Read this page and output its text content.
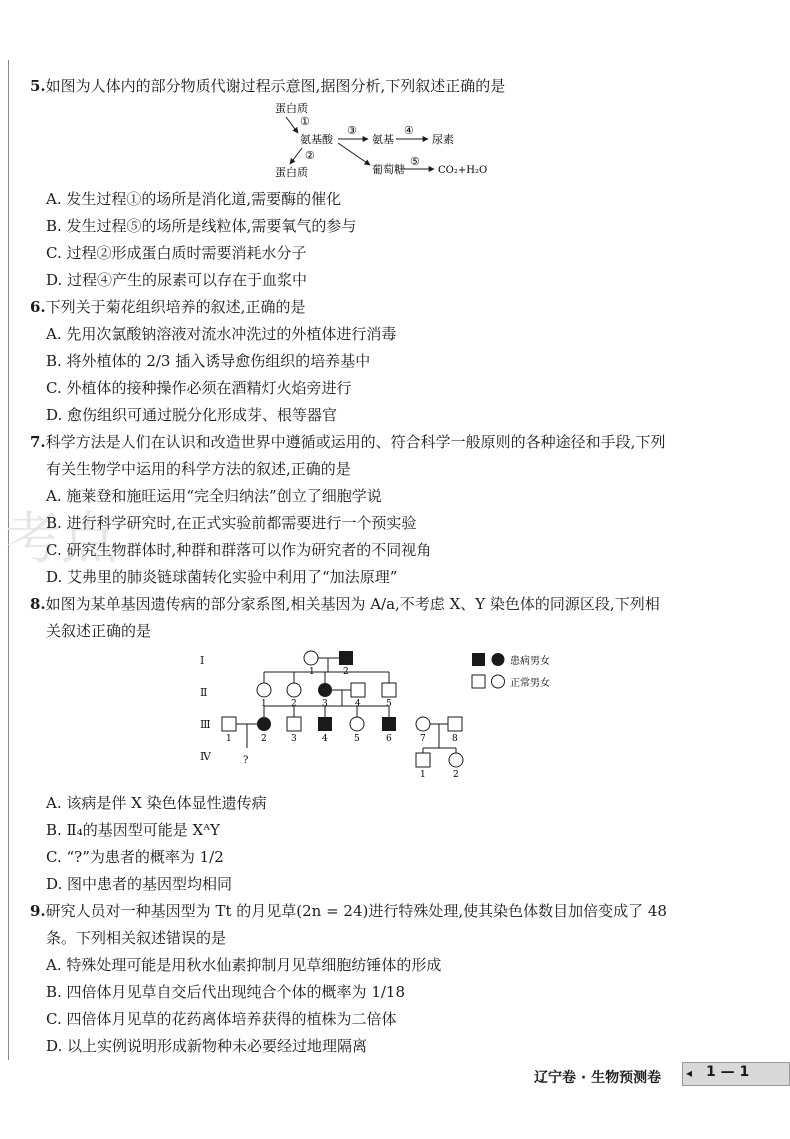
考点
5.如图为人体内的部分物质代谢过程示意图,据图分析,下列叙述正确的是
蛋白质
氨基酸
蛋白质
氨基	尿素
葡萄糖	CO₂+H₂O
①
②
③	④
⑤
A. 发生过程①的场所是消化道,需要酶的催化
B. 发生过程⑤的场所是线粒体,需要氧气的参与
C. 过程②形成蛋白质时需要消耗水分子
D. 过程④产生的尿素可以存在于血浆中
6.下列关于菊花组织培养的叙述,正确的是
A. 先用次氯酸钠溶液对流水冲洗过的外植体进行消毒
B. 将外植体的 2/3 插入诱导愈伤组织的培养基中
C. 外植体的接种操作必须在酒精灯火焰旁进行
D. 愈伤组织可通过脱分化形成芽、根等器官
7.科学方法是人们在认识和改造世界中遵循或运用的、符合科学一般原则的各种途径和手段,下列
有关生物学中运用的科学方法的叙述,正确的是
A. 施莱登和施旺运用“完全归纳法”创立了细胞学说
B. 进行科学研究时,在正式实验前都需要进行一个预实验
C. 研究生物群体时,种群和群落可以作为研究者的不同视角
D. 艾弗里的肺炎链球菌转化实验中利用了“加法原理”
8.如图为某单基因遗传病的部分家系图,相关基因为 A/a,不考虑 X、Y 染色体的同源区段,下列相
关叙述正确的是
Ⅰ
Ⅱ
Ⅲ
Ⅳ
1	2
1	2	3	4	5
1	2	3	4	5	6	7	8
1	2
?
患病男女
正常男女
A. 该病是伴 X 染色体显性遗传病
B. Ⅱ₄的基因型可能是 XᴬY
C. “?”为患者的概率为 1/2
D. 图中患者的基因型均相同
9.研究人员对一种基因型为 Tt 的月见草(2n = 24)进行特殊处理,使其染色体数目加倍变成了 48
条。下列相关叙述错误的是
A. 特殊处理可能是用秋水仙素抑制月见草细胞纺锤体的形成
B. 四倍体月见草自交后代出现纯合个体的概率为 1/18
C. 四倍体月见草的花药离体培养获得的植株为二倍体
D. 以上实例说明形成新物种未必要经过地理隔离
辽宁卷 · 生物预测卷 ◂ 1 — 1
